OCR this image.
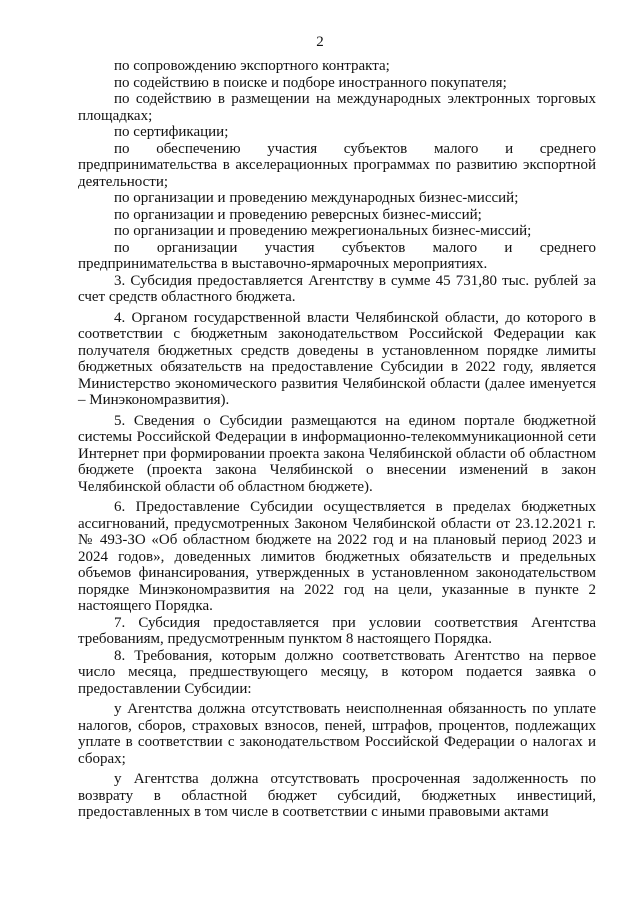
2

по сопровождению экспортного контракта;

по содействию в поиске и подборе иностранного покупателя;

по содействию в размещении на международных электронных торговых площадках;

по сертификации;

по обеспечению участия субъектов малого и среднего предпринимательства в акселерационных программах по развитию экспортной деятельности;

по организации и проведению международных бизнес-миссий;

по организации и проведению реверсных бизнес-миссий;

по организации и проведению межрегиональных бизнес-миссий;

по организации участия субъектов малого и среднего предпринимательства в выставочно-ярмарочных мероприятиях.

3. Субсидия предоставляется Агентству в сумме 45 731,80 тыс. рублей за счет средств областного бюджета.

4. Органом государственной власти Челябинской области, до которого в соответствии с бюджетным законодательством Российской Федерации как получателя бюджетных средств доведены в установленном порядке лимиты бюджетных обязательств на предоставление Субсидии в 2022 году, является Министерство экономического развития Челябинской области (далее именуется – Минэкономразвития).

5. Сведения о Субсидии размещаются на едином портале бюджетной системы Российской Федерации в информационно-телекоммуникационной сети Интернет при формировании проекта закона Челябинской области об областном бюджете (проекта закона Челябинской о внесении изменений в закон Челябинской области об областном бюджете).

6. Предоставление Субсидии осуществляется в пределах бюджетных ассигнований, предусмотренных Законом Челябинской области от 23.12.2021 г. № 493-ЗО «Об областном бюджете на 2022 год и на плановый период 2023 и 2024 годов», доведенных лимитов бюджетных обязательств и предельных объемов финансирования, утвержденных в установленном законодательством порядке Минэкономразвития на 2022 год на цели, указанные в пункте 2 настоящего Порядка.

7. Субсидия предоставляется при условии соответствия Агентства требованиям, предусмотренным пунктом 8 настоящего Порядка.

8. Требования, которым должно соответствовать Агентство на первое число месяца, предшествующего месяцу, в котором подается заявка о предоставлении Субсидии:

у Агентства должна отсутствовать неисполненная обязанность по уплате налогов, сборов, страховых взносов, пеней, штрафов, процентов, подлежащих уплате в соответствии с законодательством Российской Федерации о налогах и сборах;

у Агентства должна отсутствовать просроченная задолженность по возврату в областной бюджет субсидий, бюджетных инвестиций, предоставленных в том числе в соответствии с иными правовыми актами
